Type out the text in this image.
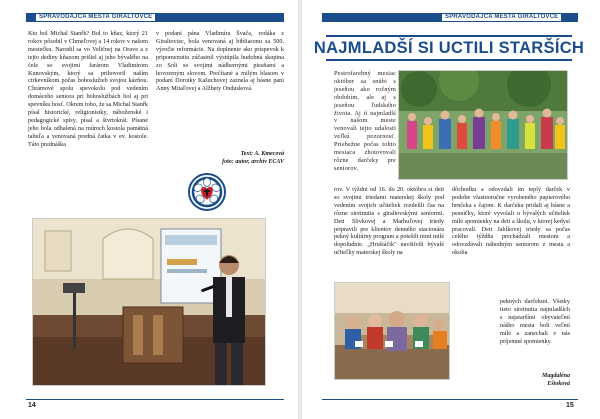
SPRAVODAJCA MESTA GIRALTOVCE

Kto bol Michal Stanřk? Bol to kňaz, ktorý 21 rokov pôsobil v Chmeľovej a 14 rokov v našom mestečku. Narodil sa vo Veličnej na Orave a z tejto dediny kňazom prišiel aj jeho bývalého na čele so svojimi farárom Vladimírom Kunovským, ktorý sa prihovoril naším cirkevníkom počas bohoslužieb svojou kázňou. Chrámové spolu spevokolu pod vedením domáceho seniora pri bohoslužbách bol aj pri spevníku hosť. Okrem toho, že sa Michal Stanřk písal historické, religionistky, náboženské i pedagogické spisy, písal a štvrtokrát. Písané jeho bola odhalená na múroch kostola pamätná tabuľa a venovaná predná čatka v ev. kostole. Táto prednáška

v podaní pána Vladimíra Švača, rodáka z Giraltoviec, bola venovaná aj bibliacenu sa 500. výročie reformácie. Na doplnenie ako príspevok k pripomenutiu zúčastnil výstúpila hudobná skupina zo Soli so svojimi nádhernými piesňami a hovoreným slovom. Prečítané a milým hlasom v podaní Dorotky Kašuchovej zaznela aj básne pani Anny Mitaľovej a Alžbety Ondusková.

Text: A. Kmecová
foto: autor, archív ECAV
14
SPRAVODAJCA MESTA GIRALTOVCE
NAJMLADŠÍ SI UCTILI STARŠÍCH

Pestrofarebný mesiac október sa snúbi s jeseňou ako ročným obdobím, ale aj s jeseňou ľudského života. Aj tí najmladší v našom meste venovali tejto udalosti veľkú pozornosť. Priebežne počas tohto mesiaca zhotovovali rôzne darčeky pre seniorov.

rov. V týždni od 16. do 20. októbra si deti so svojimi triedami materskej školy pod vedením svojich učiteliek rozdelili čas na rôzne stretnutia s giraltovskými seniormi. Deti Slivkovej a Marhuľovej triedy pripravili pre klientov denného stacionára pekný kultúrny program a potešili nimi milé dopoludnie. „Hrušiáčik" navštívili bývalé učiteľky materskej školy na

dôchodku a odovzdali im teplý darček v podobe vlastnoručne vyrobeného papierového hrnčeka s čajom. K darčeku pridali aj básne a pesničky, ktoré vyvolali u bývalých učiteliek milé spomienky na deti a školu, v ktorej kedysi pracovali. Deti Jablkovej triedy sa počas celého týždňa prechádzali mestom a odovzdávali náhodným seniorom z mesta a okolia

pekných darčekmi. Všetky tieto stretnutia najmladších s najstaršími obyvateľmi nášho mesta boli veľmi milé a zanechali v nás príjemné spomienky.

Magdaléna
Eštoková
15
